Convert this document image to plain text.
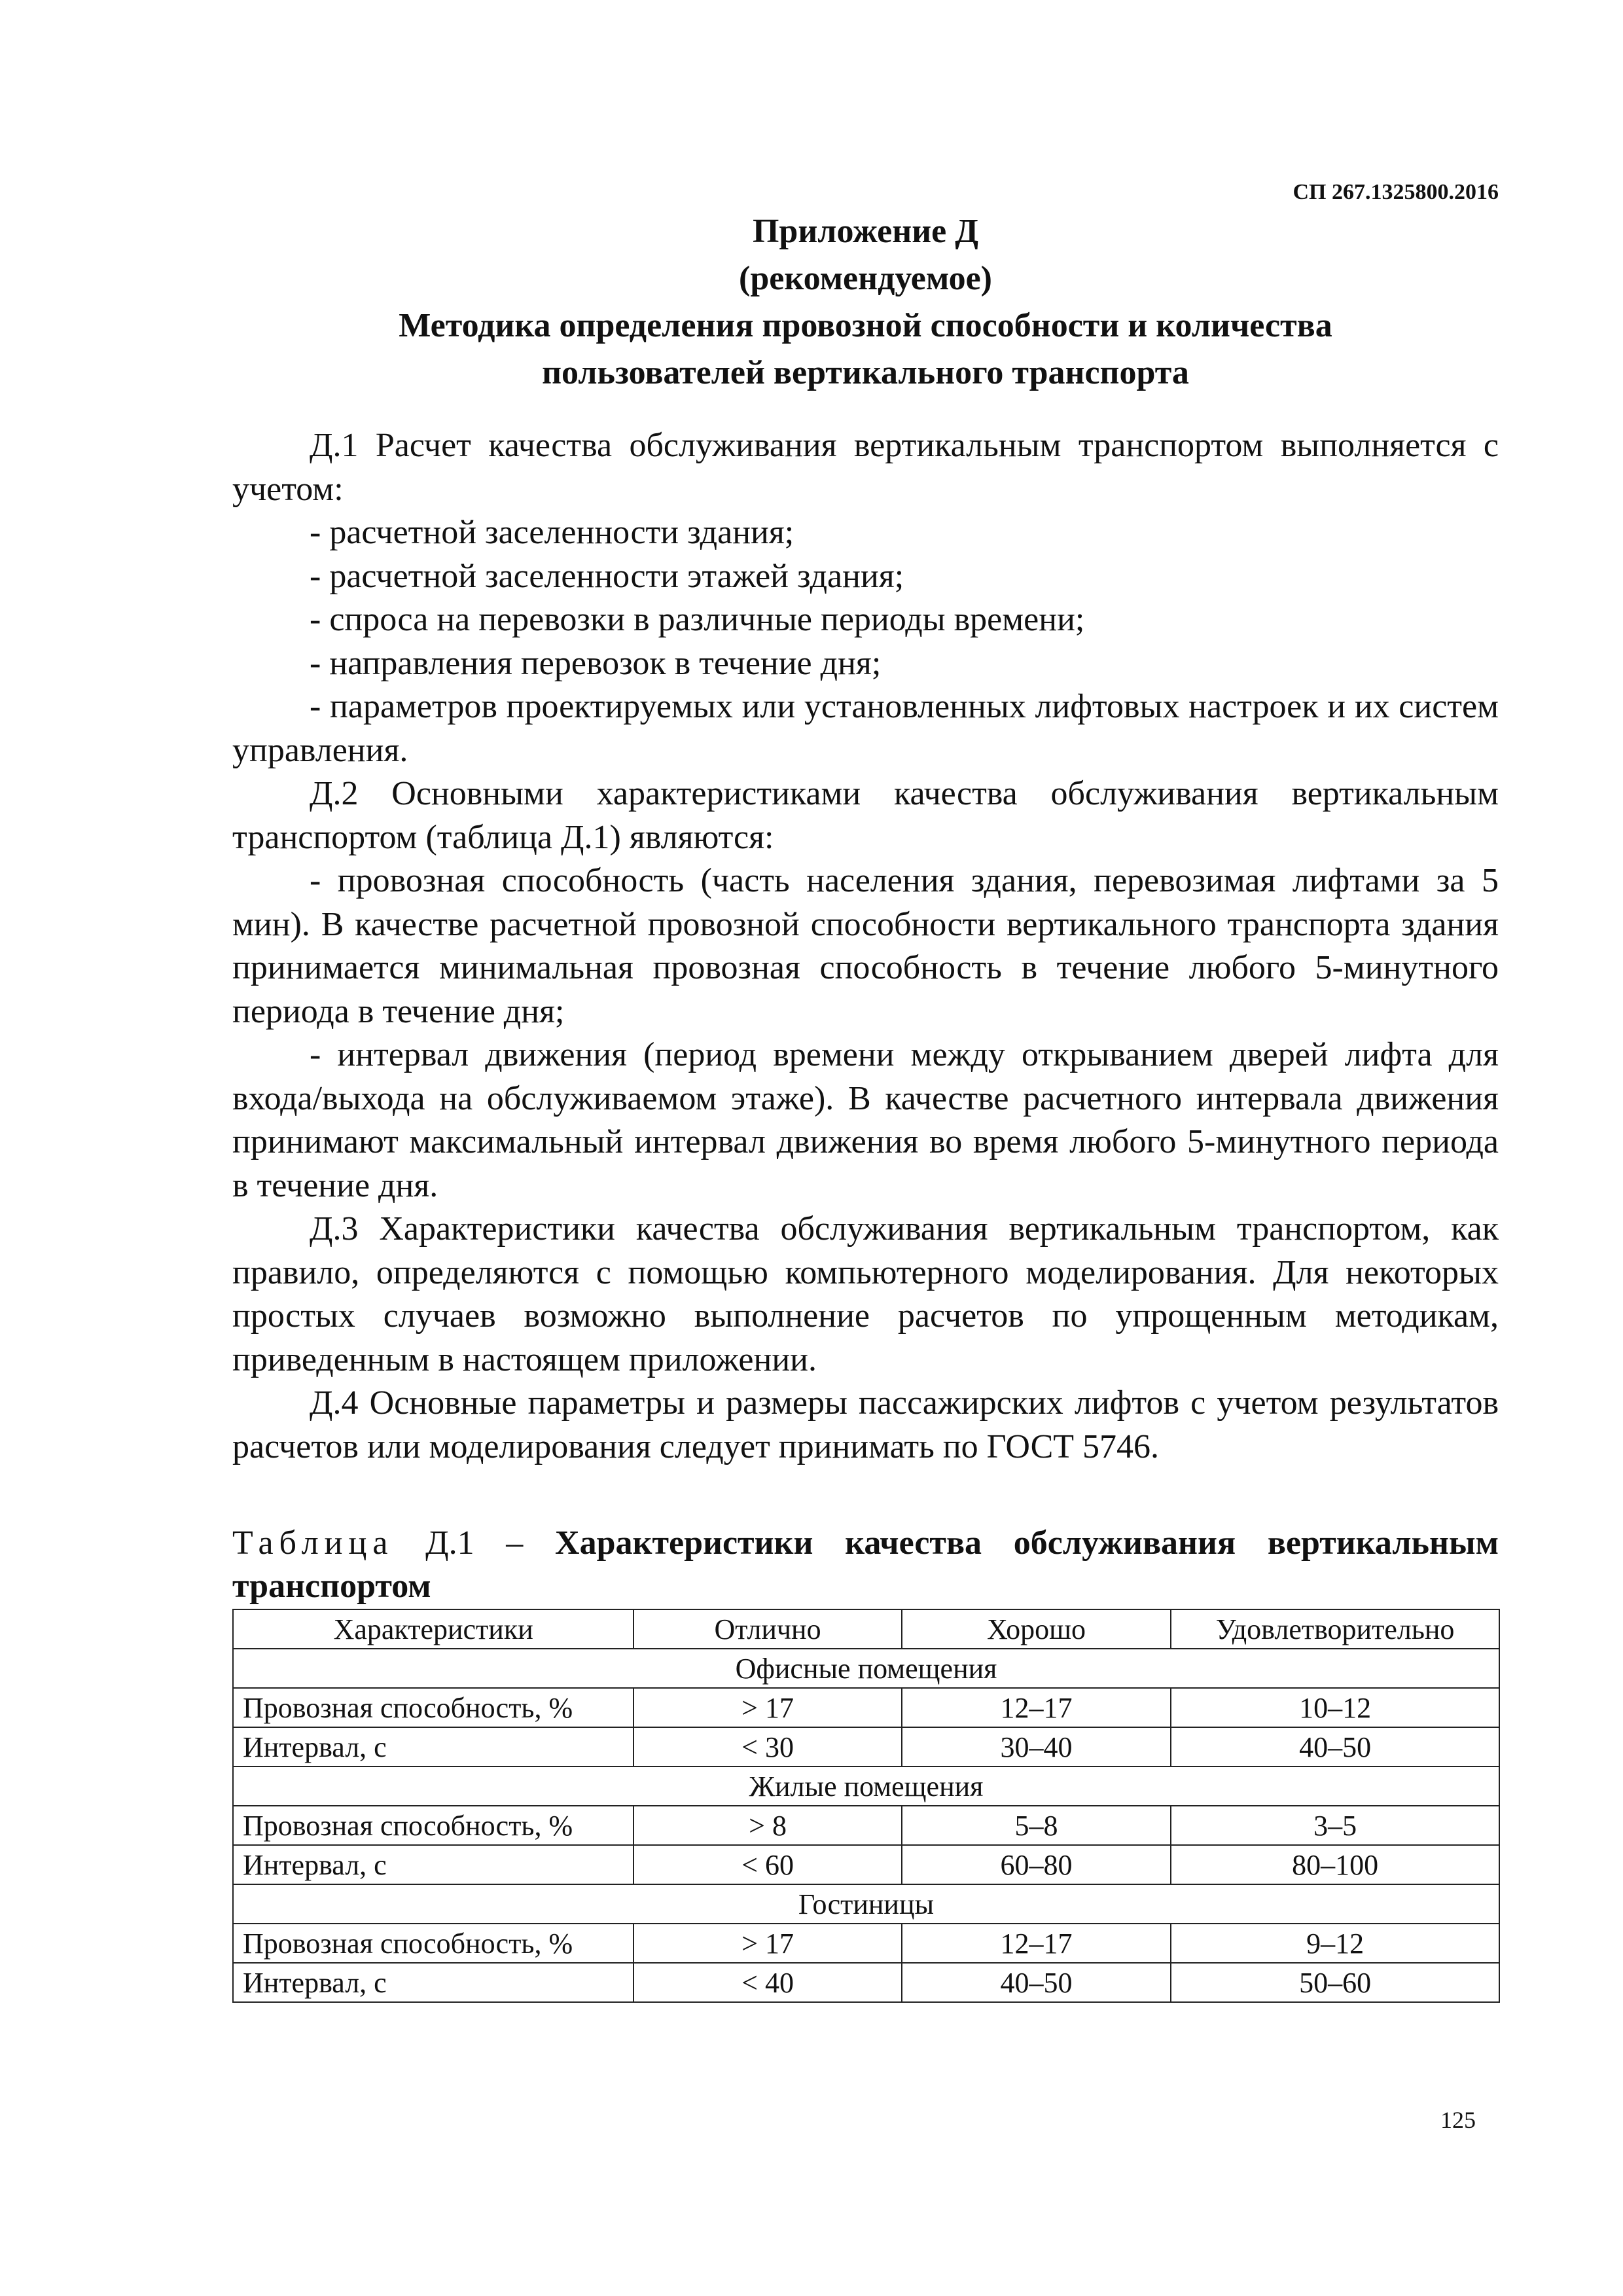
СП 267.1325800.2016
Приложение Д
(рекомендуемое)
Методика определения провозной способности и количества
пользователей вертикального транспорта

Д.1 Расчет качества обслуживания вертикальным транспортом выполняется с учетом:

- расчетной заселенности здания;

- расчетной заселенности этажей здания;

- спроса на перевозки в различные периоды времени;

- направления перевозок в течение дня;

- параметров проектируемых или установленных лифтовых настроек и их систем управления.

Д.2 Основными характеристиками качества обслуживания вертикальным транспортом (таблица Д.1) являются:

- провозная способность (часть населения здания, перевозимая лифтами за 5 мин). В качестве расчетной провозной способности вертикального транспорта здания принимается минимальная провозная способность в течение любого 5-минутного периода в течение дня;

- интервал движения (период времени между открыванием дверей лифта для входа/выхода на обслуживаемом этаже). В качестве расчетного интервала движения принимают максимальный интервал движения во время любого 5-минутного периода в течение дня.

Д.3 Характеристики качества обслуживания вертикальным транспортом, как правило, определяются с помощью компьютерного моделирования. Для некоторых простых случаев возможно выполнение расчетов по упрощенным методикам, приведенным в настоящем приложении.

Д.4 Основные параметры и размеры пассажирских лифтов с учетом результатов расчетов или моделирования следует принимать по ГОСТ 5746.

Таблица Д.1 – Характеристики качества обслуживания вертикальным транспортом
Характеристики	Отлично	Хорошо	Удовлетворительно
Офисные помещения			
Провозная способность, %	> 17	12–17	10–12
Интервал, с	< 30	30–40	40–50
Жилые помещения			
Провозная способность, %	> 8	5–8	3–5
Интервал, с	< 60	60–80	80–100
Гостиницы			
Провозная способность, %	> 17	12–17	9–12
Интервал, с	< 40	40–50	50–60
125
